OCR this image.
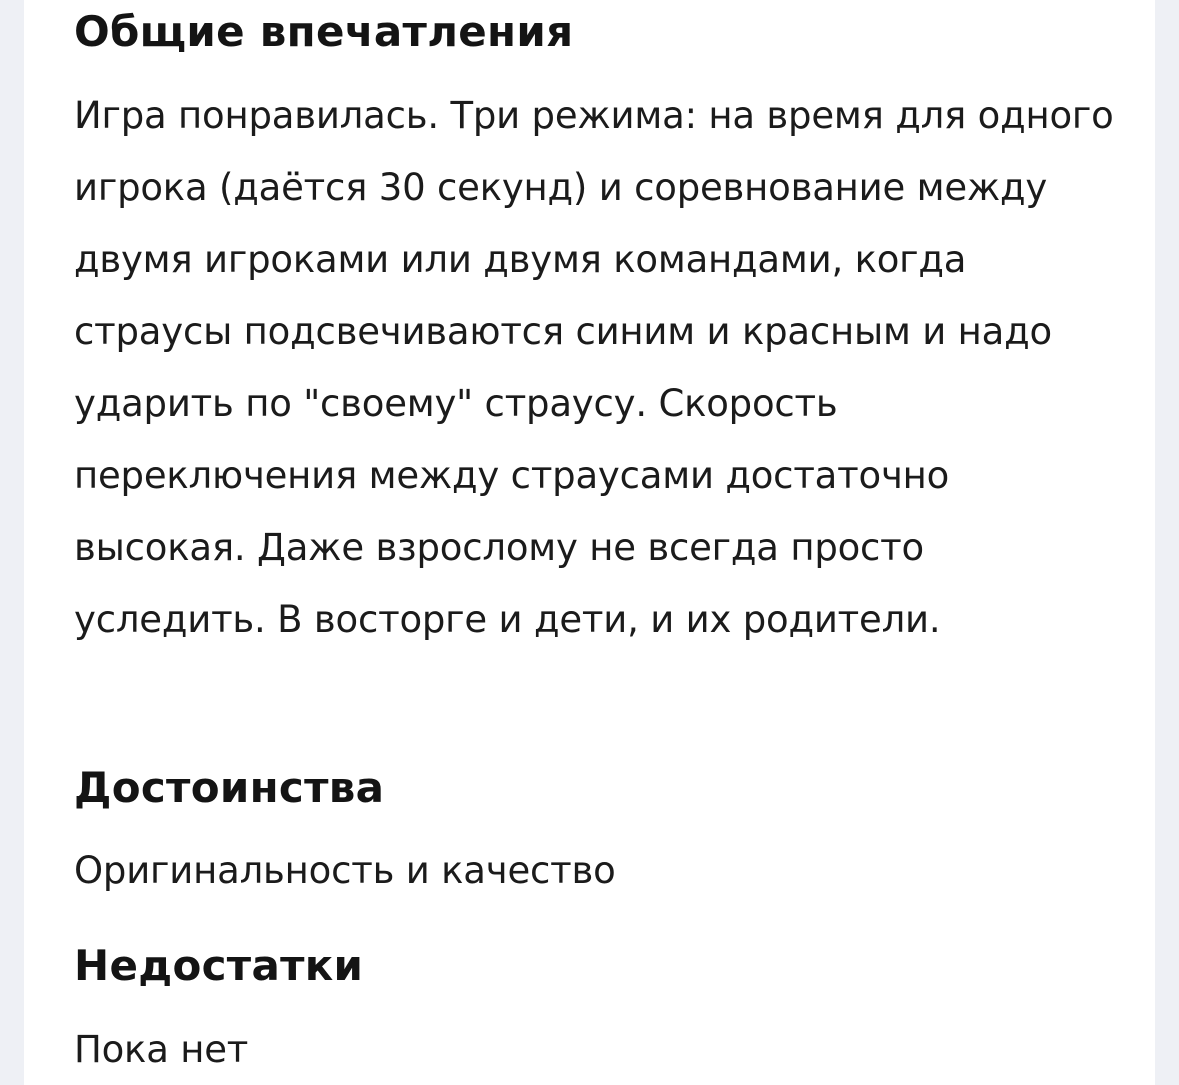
Общие впечатления

Игра понравилась. Три режима: на время для одного игрока (даётся 30 секунд) и соревнование между двумя игроками или двумя командами, когда страусы подсвечиваются синим и красным и надо ударить по "своему" страусу. Скорость переключения между страусами достаточно высокая. Даже взрослому не всегда просто уследить. В восторге и дети, и их родители.

Достоинства

Оригинальность и качество

Недостатки

Пока нет
